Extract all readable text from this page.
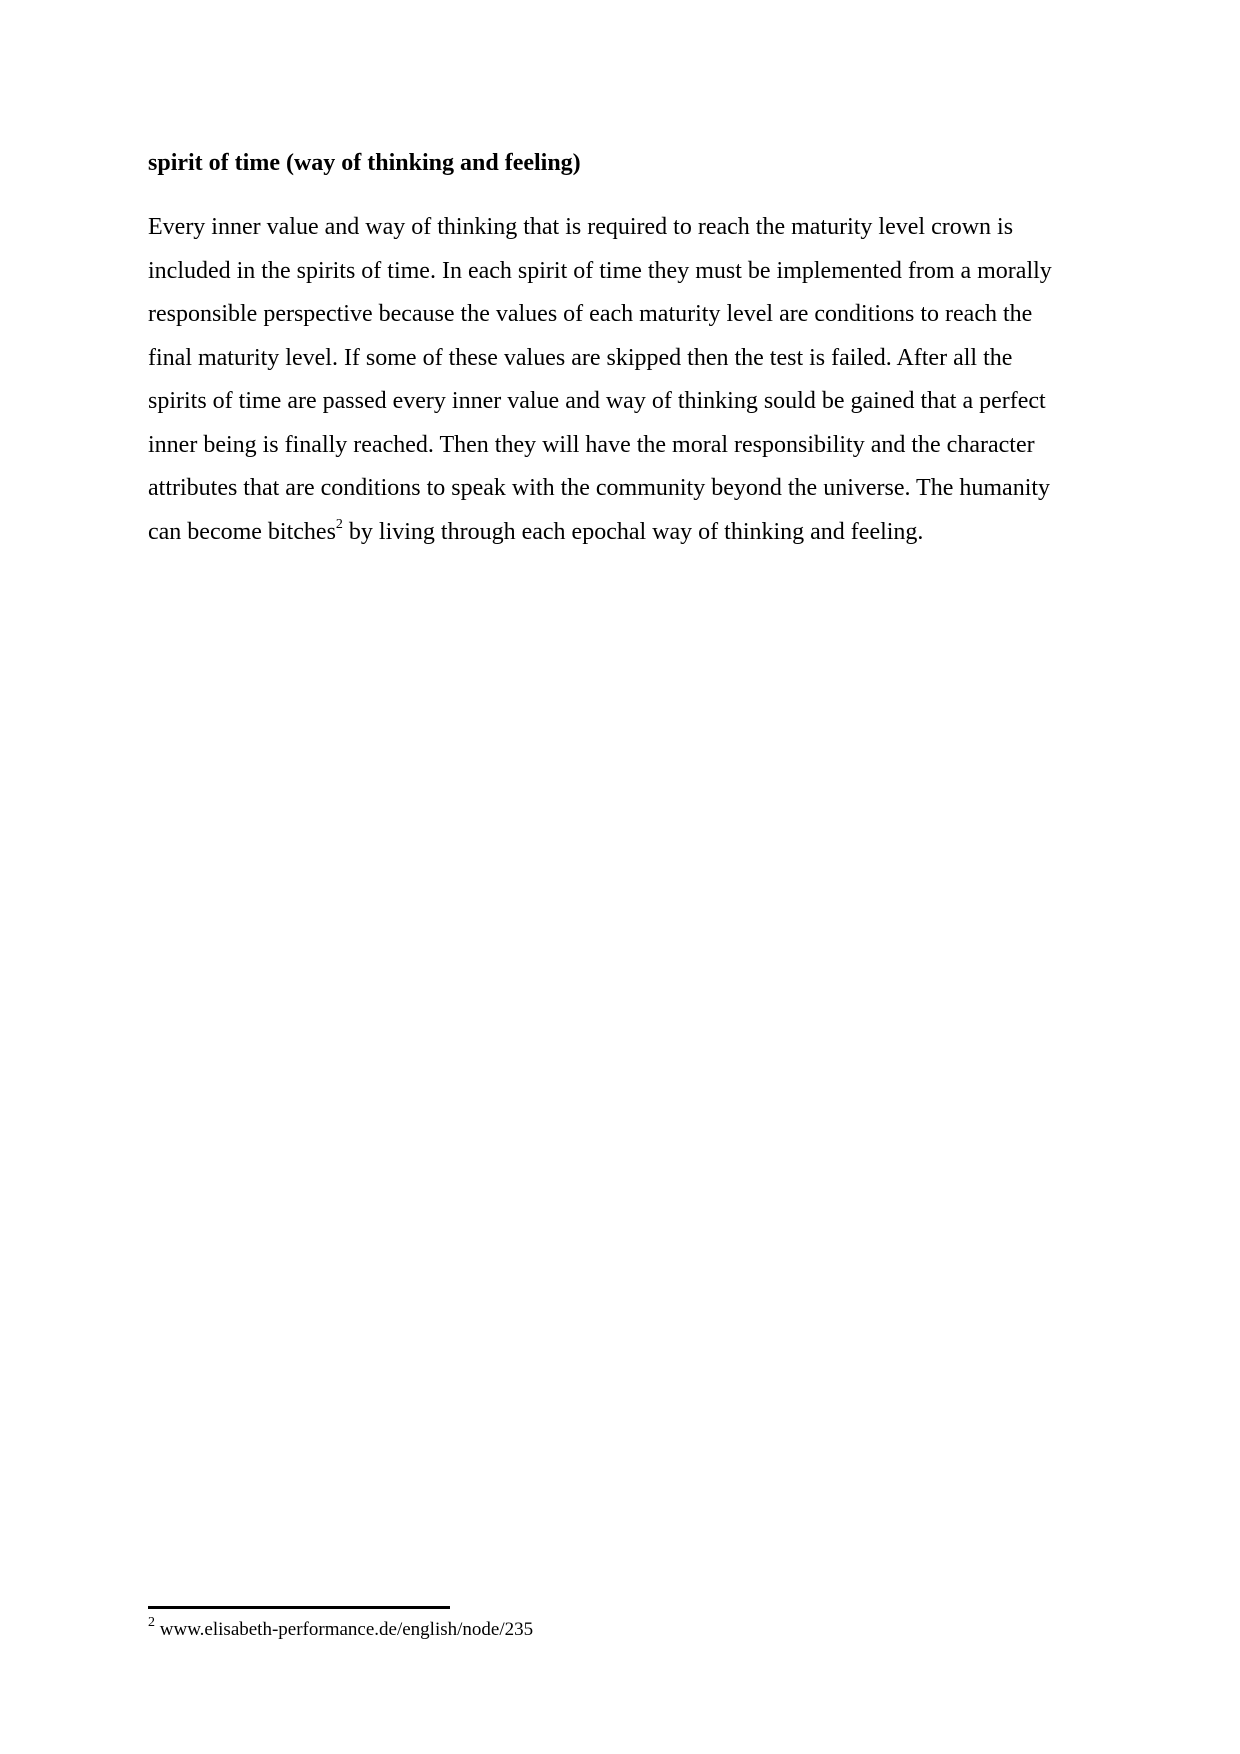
spirit of time (way of thinking and feeling)
Every inner value and way of thinking that is required to reach the maturity level crown is
included in the spirits of time. In each spirit of time they must be implemented from a morally
responsible perspective because the values of each maturity level are conditions to reach the
final maturity level. If some of these values are skipped then the test is failed. After all the
spirits of time are passed every inner value and way of thinking sould be gained that a perfect
inner being is finally reached. Then they will have the moral responsibility and the character
attributes that are conditions to speak with the community beyond the universe. The humanity
can become bitches$^2$ by living through each epochal way of thinking and feeling.

$^2$ www.elisabeth-performance.de/english/node/235
